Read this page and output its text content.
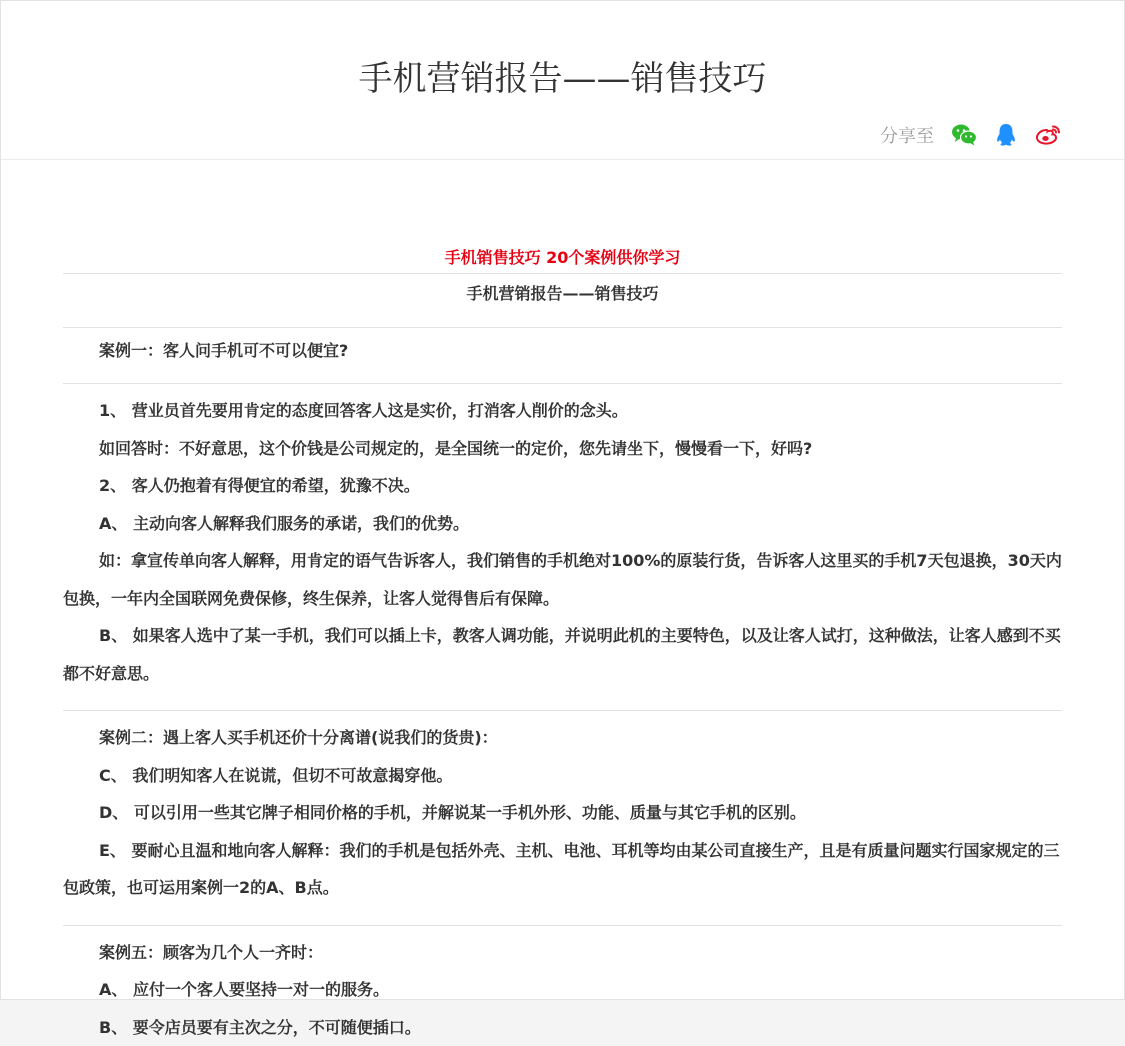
手机营销报告——销售技巧
分享至
手机销售技巧 20个案例供你学习
手机营销报告——销售技巧
案例一：客人问手机可不可以便宜?

1、 营业员首先要用肯定的态度回答客人这是实价，打消客人削价的念头。

如回答时：不好意思，这个价钱是公司规定的，是全国统一的定价，您先请坐下，慢慢看一下，好吗?

2、 客人仍抱着有得便宜的希望，犹豫不决。

A、 主动向客人解释我们服务的承诺，我们的优势。

如：拿宣传单向客人解释，用肯定的语气告诉客人，我们销售的手机绝对100%的原装行货，告诉客人这里买的手机7天包退换，30天内包换，一年内全国联网免费保修，终生保养，让客人觉得售后有保障。

B、 如果客人选中了某一手机，我们可以插上卡，教客人调功能，并说明此机的主要特色，以及让客人试打，这种做法，让客人感到不买都不好意思。

案例二：遇上客人买手机还价十分离谱(说我们的货贵)：

C、 我们明知客人在说谎，但切不可故意揭穿他。

D、 可以引用一些其它牌子相同价格的手机，并解说某一手机外形、功能、质量与其它手机的区别。

E、 要耐心且温和地向客人解释：我们的手机是包括外壳、主机、电池、耳机等均由某公司直接生产，且是有质量问题实行国家规定的三包政策，也可运用案例一2的A、B点。

案例五：顾客为几个人一齐时：

A、 应付一个客人要坚持一对一的服务。

B、 要令店员要有主次之分，不可随便插口。
